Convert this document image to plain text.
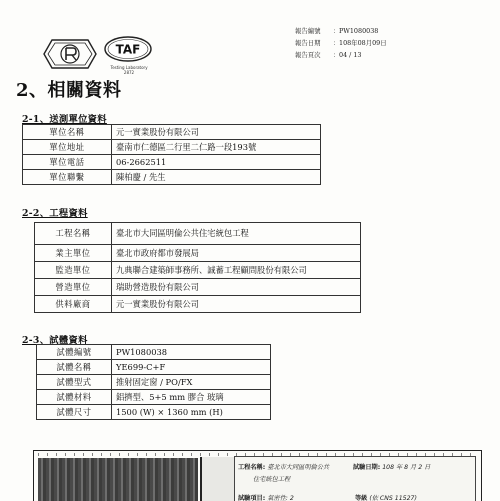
TAF
Testing Laboratory
2872
報告編號	： PW1080038
報告日期	： 108年08月09日
報告頁次	： 04 / 13
2、相關資料
2-1、送測單位資料
單位名稱	元一實業股份有限公司
單位地址	臺南市仁德區二行里二仁路一段193號
單位電話	06-2662511
單位聯繫	陳柏慶 / 先生
2-2、工程資料
工程名稱	臺北市大同區明倫公共住宅統包工程
業主單位	臺北市政府都市發展局
監造單位	九典聯合建築師事務所、誠蓄工程顧問股份有限公司
營造單位	瑞助營造股份有限公司
供料廠商	元一實業股份有限公司
2-3、試體資料
試體編號	PW1080038
試體名稱	YE699-C+F
試體型式	推射固定窗 / PO/FX
試體材料	鋁擠型、5+5 mm 膠合 玻璃
試體尺寸	1500 (W) × 1360 mm (H)
工程名稱: 臺北市大同區明倫公共	試驗日期: 108 年 8 月 2 日
住宅統包工程
試驗項目: 氣密性: 2	等級 (依 CNS 11527)
